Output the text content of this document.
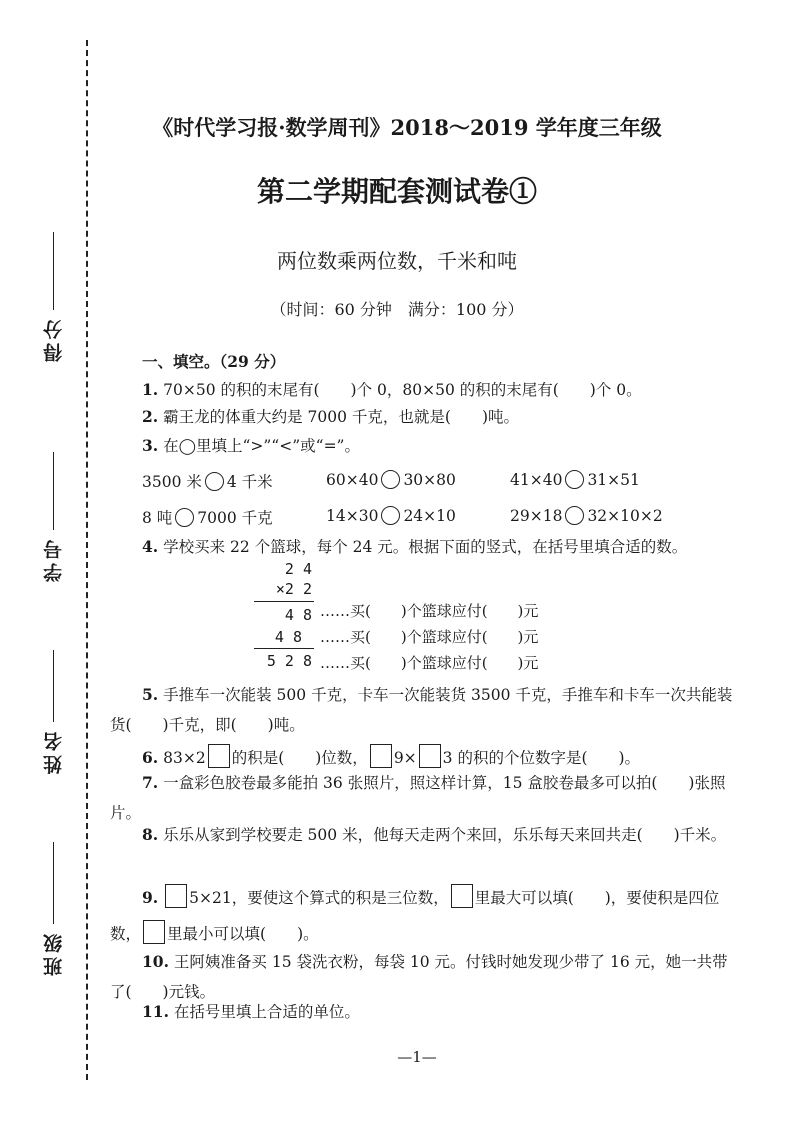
得分
学号
姓名
班级
《时代学习报·数学周刊》2018～2019 学年度三年级
第二学期配套测试卷①
两位数乘两位数，千米和吨
（时间：60 分钟　满分：100 分）
一、填空。（29 分）
1. 70×50 的积的末尾有(　　)个 0，80×50 的积的末尾有(　　)个 0。
2. 霸王龙的体重大约是 7000 千克，也就是(　　)吨。
3. 在◯里填上“>”“<”或“=”。
3500 米 4 千米	60×40 30×80	41×40 31×51
8 吨 7000 千克	14×30 24×10	29×18 32×10×2
4. 学校买来 22 个篮球，每个 24 元。根据下面的竖式，在括号里填合适的数。
2 4
×2 2
4 8 ……买(　　)个篮球应付(　　)元
4 8 ……买(　　)个篮球应付(　　)元
5 2 8 ……买(　　)个篮球应付(　　)元
5. 手推车一次能装 500 千克，卡车一次能装货 3500 千克，手推车和卡车一次共能装货(　　)千克，即(　　)吨。
6. 83×2 的积是(　　)位数， 9× 3 的积的个位数字是(　　)。
7. 一盒彩色胶卷最多能拍 36 张照片，照这样计算，15 盒胶卷最多可以拍(　　)张照片。
8. 乐乐从家到学校要走 500 米，他每天走两个来回，乐乐每天来回共走(　　)千米。
9. 5×21，要使这个算式的积是三位数， 里最大可以填(　　)，要使积是四位数， 里最小可以填(　　)。
10. 王阿姨准备买 15 袋洗衣粉，每袋 10 元。付钱时她发现少带了 16 元，她一共带了(　　)元钱。
11. 在括号里填上合适的单位。
—1—
